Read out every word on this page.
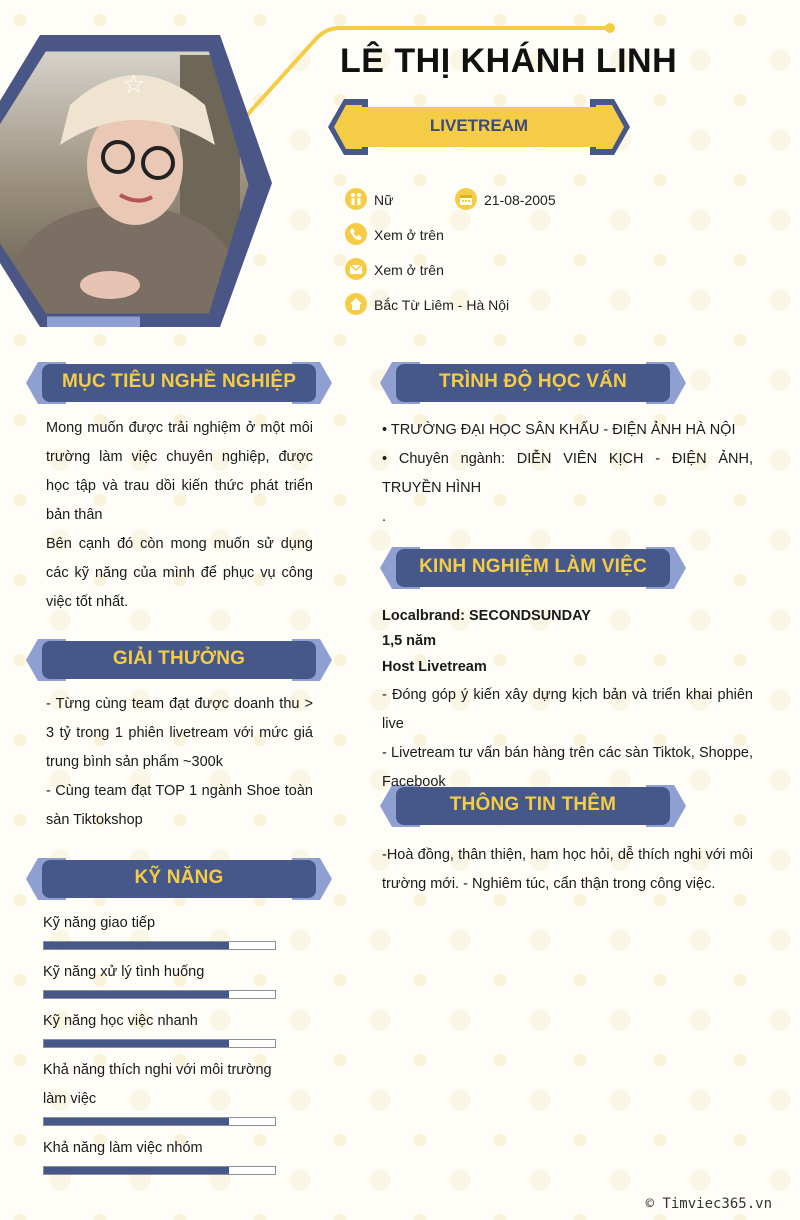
☆
LÊ THỊ KHÁNH LINH
LIVETREAM
Nữ	21-08-2005
Xem ở trên
Xem ở trên
Bắc Từ Liêm - Hà Nội
MỤC TIÊU NGHỀ NGHIỆP
GIẢI THƯỞNG
KỸ NĂNG
TRÌNH ĐỘ HỌC VẤN
KINH NGHIỆM LÀM VIỆC
THÔNG TIN THÊM

Mong muốn được trải nghiệm ở một môi trường làm việc chuyên nghiệp, được học tập và trau dồi kiến thức phát triển bản thân

Bên cạnh đó còn mong muốn sử dụng các kỹ năng của mình để phục vụ công việc tốt nhất.

- Từng cùng team đạt được doanh thu > 3 tỷ trong 1 phiên livetream với mức giá trung bình sản phẩm ~300k

- Cùng team đạt TOP 1 ngành Shoe toàn sàn Tiktokshop

Kỹ năng giao tiếp
Kỹ năng xử lý tình huống
Kỹ năng học việc nhanh
Khả năng thích nghi với môi trường làm việc
Khả năng làm việc nhóm

• TRƯỜNG ĐẠI HỌC SÂN KHẤU - ĐIỆN ẢNH HÀ NỘI

• Chuyên ngành: DIỄN VIÊN KỊCH - ĐIỆN ẢNH, TRUYỀN HÌNH

.

Localbrand: SECONDSUNDAY
1,5 năm
Host Livetream

- Đóng góp ý kiến xây dựng kịch bản và triển khai phiên live

- Livetream tư vấn bán hàng trên các sàn Tiktok, Shoppe, Facebook

-Hoà đồng, thân thiện, ham học hỏi, dễ thích nghi với môi trường mới. - Nghiêm túc, cẩn thận trong công việc.
© Timviec365.vn
